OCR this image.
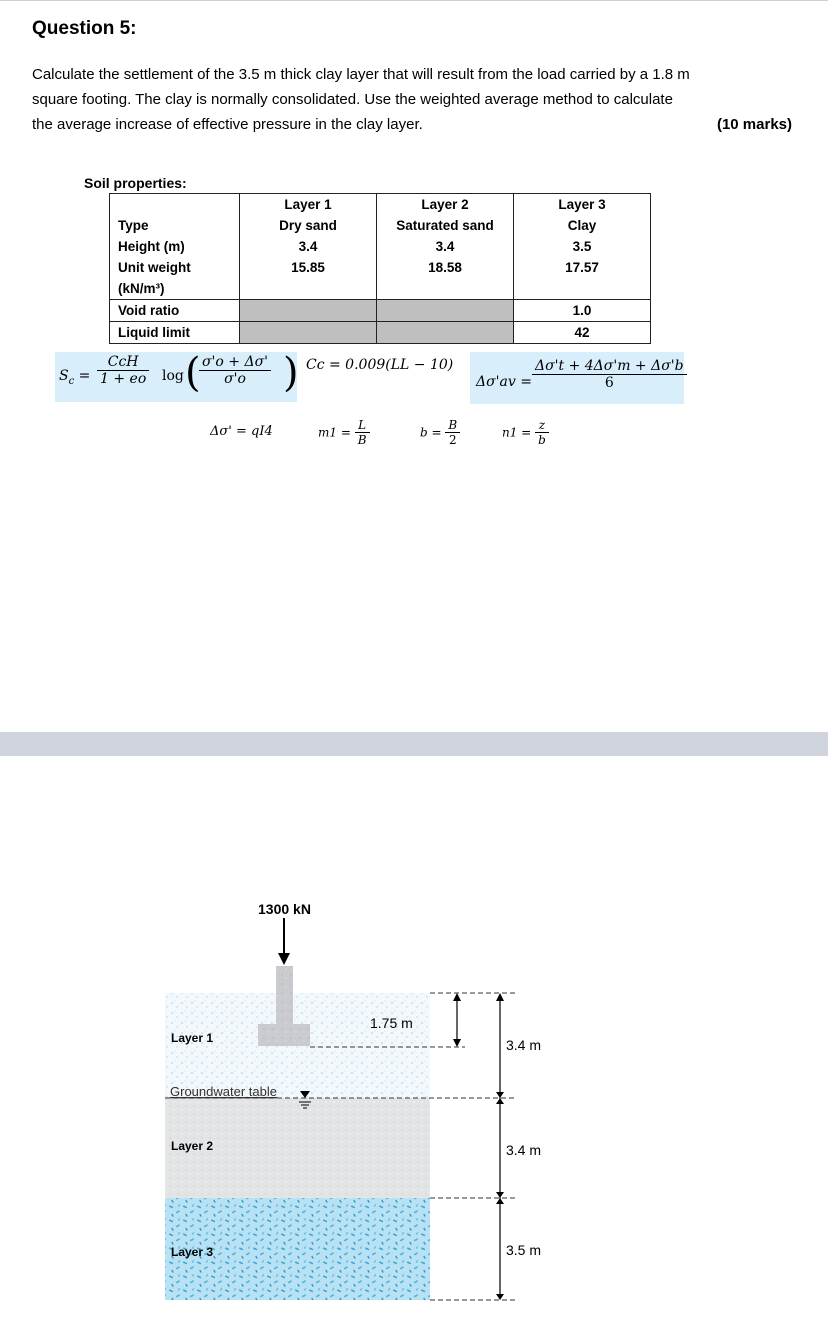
Question 5:
Calculate the settlement of the 3.5 m thick clay layer that will result from the load carried by a 1.8 m
square footing. The clay is normally consolidated. Use the weighted average method to calculate
the average increase of effective pressure in the clay layer.	(10 marks)
Soil properties:
	Layer 1	Layer 2	Layer 3
Type	Dry sand	Saturated sand	Clay
Height (m)	3.4	3.4	3.5
Unit weight
(kN/m³)	15.85	18.58	17.57
Void ratio			1.0
Liquid limit			42
$S_c$ =
CcH
1 + eo log (
$\frac{\sigma'o + \Delta\sigma'}{\sigma'o}$ ) Cc = 0.009(LL − 10)
$\Delta\sigma'av = \frac{\Delta\sigma't + 4\Delta\sigma'm + \Delta\sigma'b}{6}$
Δσ' = qI4	$m1 = \frac{L}{B}$	$b = \frac{B}{2}$	$n1 = \frac{z}{b}$
1300 kN
1.75 m
3.4 m
3.4 m
3.5 m
Groundwater table
Layer 1
Layer 2
Layer 3
